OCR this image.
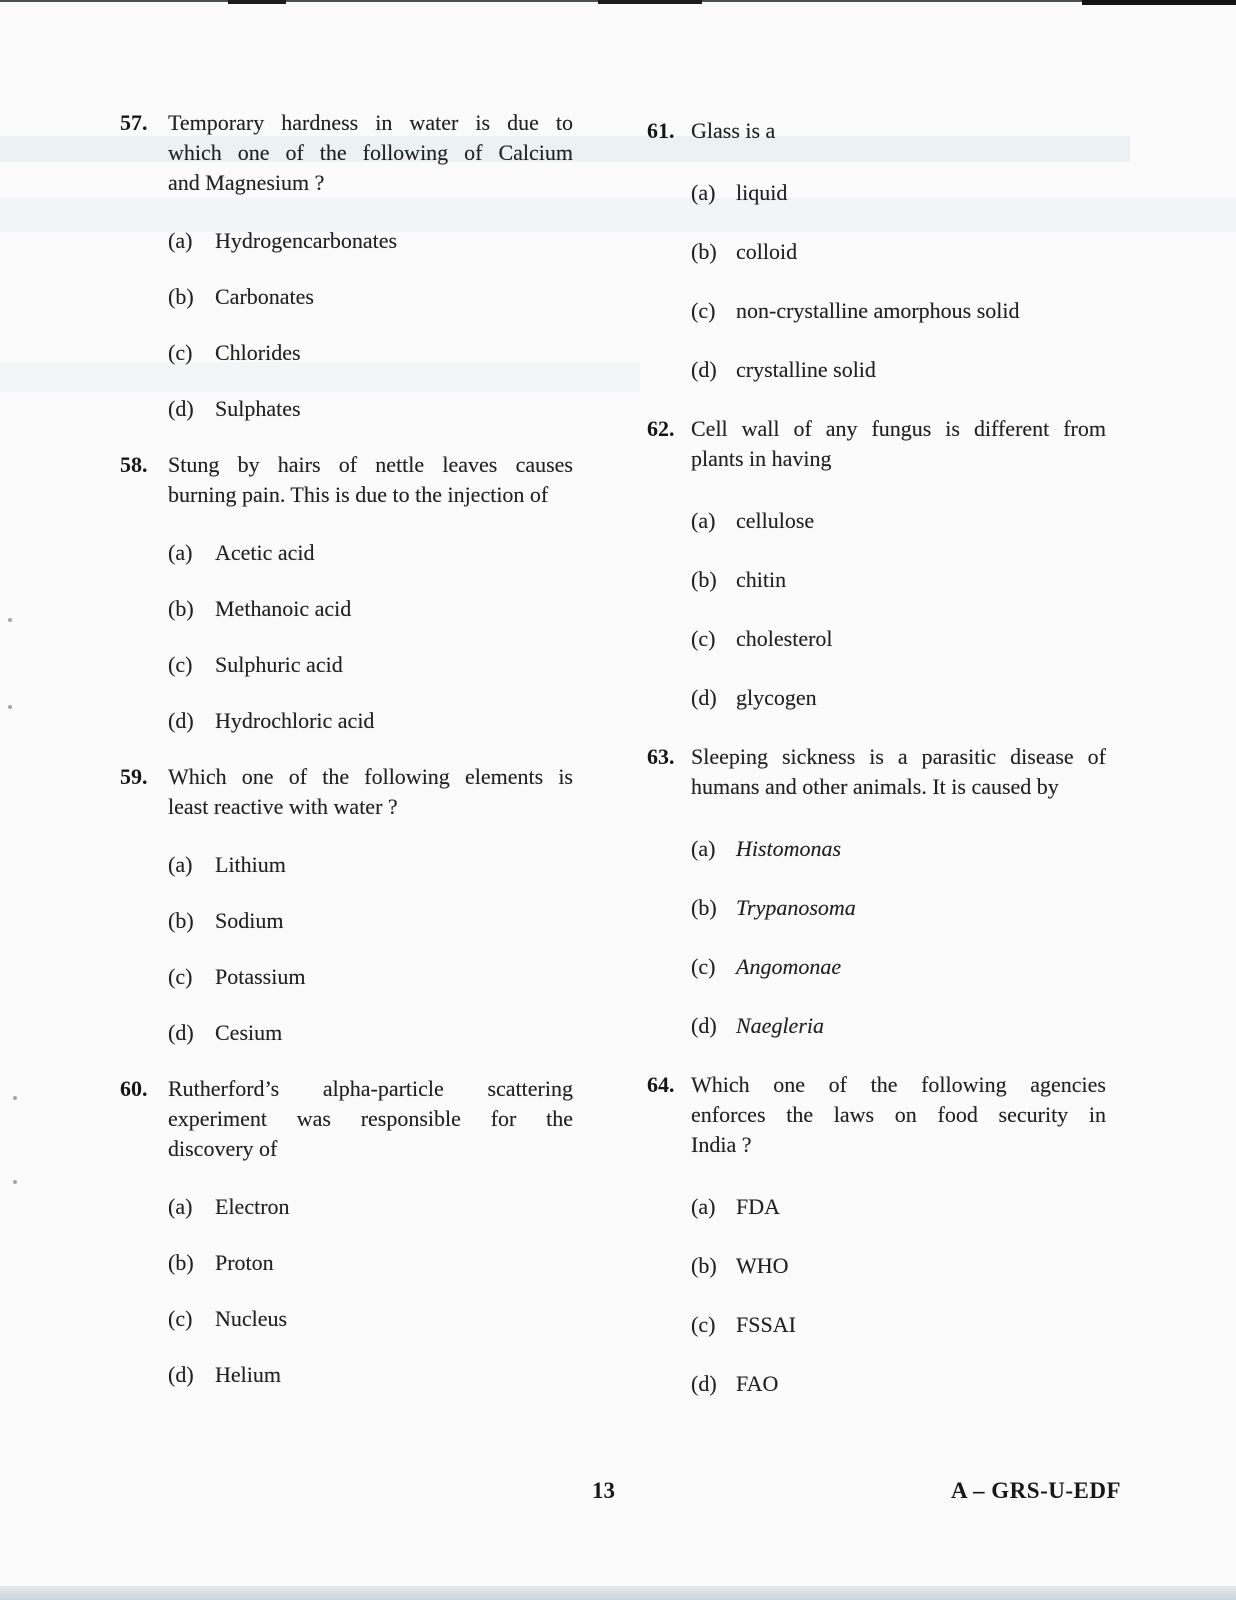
57. Temporary hardness in water is due to
which one of the following of Calcium
and Magnesium ?
(a)	Hydrogencarbonates
(b) Carbonates
(c)	Chlorides
(d) Sulphates
58. Stung by hairs of nettle leaves causes
burning pain. This is due to the injection of
(a)	Acetic acid
(b) Methanoic acid
(c)	Sulphuric acid
(d) Hydrochloric acid
59. Which one of the following elements is
least reactive with water ?
(a)	Lithium
(b) Sodium
(c)	Potassium
(d) Cesium
60. Rutherford’s alpha-particle scattering
experiment was responsible for the
discovery of
(a)	Electron
(b) Proton
(c)	Nucleus
(d) Helium
61. Glass is a
(a) liquid
(b) colloid
(c) non-crystalline amorphous solid
(d) crystalline solid
62. Cell wall of any fungus is different from
plants in having
(a) cellulose
(b) chitin
(c) cholesterol
(d) glycogen
63. Sleeping sickness is a parasitic disease of
humans and other animals. It is caused by
(a) Histomonas
(b) Trypanosoma
(c) Angomonae
(d) Naegleria
64. Which one of the following agencies
enforces the laws on food security in
India ?
(a) FDA
(b) WHO
(c) FSSAI
(d) FAO
13	A – GRS-U-EDF
